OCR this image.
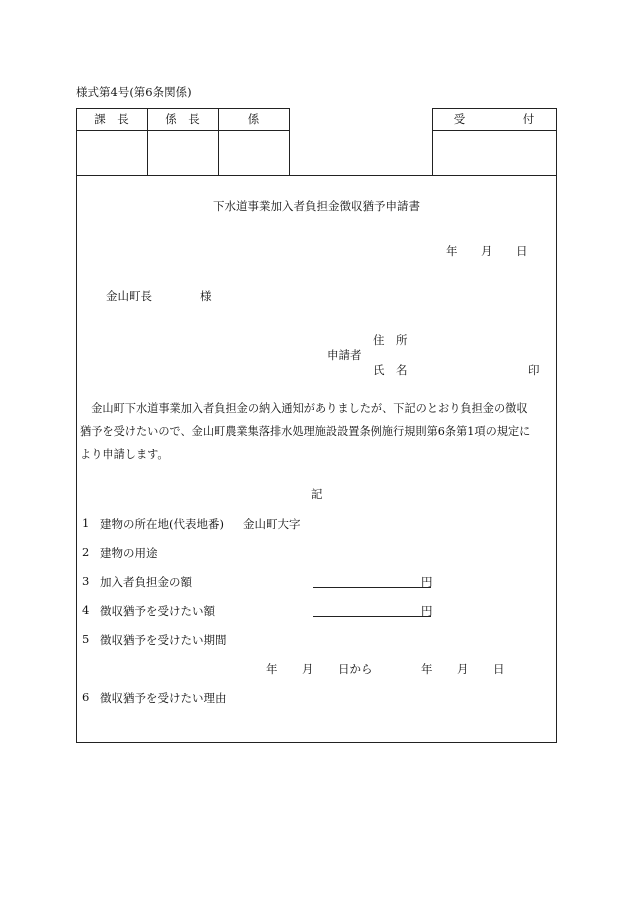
様式第4号(第6条関係)
課　長	係　長	係	受　　　　　付
下水道事業加入者負担金徴収猶予申請書
年 月 日
金山町長	様
住　所
申請者
氏　名	印
　金山町下水道事業加入者負担金の納入通知がありましたが、下記のとおり負担金の徴収
猶予を受けたいので、金山町農業集落排水処理施設設置条例施行規則第6条第1項の規定に
より申請します。
記
1 建物の所在地(代表地番) 金山町大字
2 建物の用途
3 加入者負担金の額	円
4 徴収猶予を受けたい額	円
5 徴収猶予を受けたい期間
年 月 日から	年 月 日
6 徴収猶予を受けたい理由
